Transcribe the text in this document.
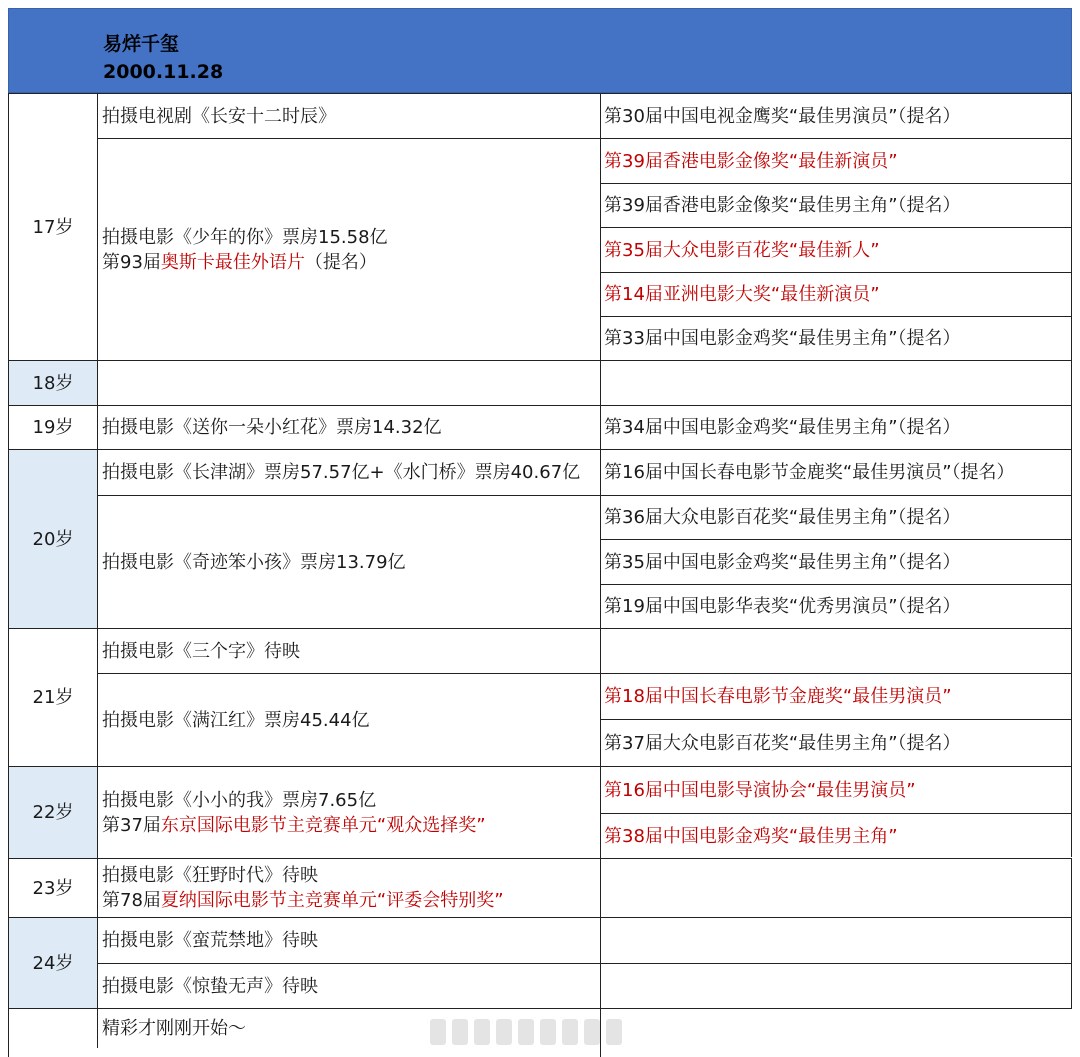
易烊千玺
2000.11.28
17岁
拍摄电视剧《长安十二时辰》
拍摄电影《少年的你》票房15.58亿
第93届奥斯卡最佳外语片（提名）
第30届中国电视金鹰奖“最佳男演员”（提名）
第39届香港电影金像奖“最佳新演员”
第39届香港电影金像奖“最佳男主角”（提名）
第35届大众电影百花奖“最佳新人”
第14届亚洲电影大奖“最佳新演员”
第33届中国电影金鸡奖“最佳男主角”（提名）
18岁
19岁	拍摄电影《送你一朵小红花》票房14.32亿	第34届中国电影金鸡奖“最佳男主角”（提名）
20岁
拍摄电影《长津湖》票房57.57亿+《水门桥》票房40.67亿
拍摄电影《奇迹笨小孩》票房13.79亿
第16届中国长春电影节金鹿奖“最佳男演员”（提名）
第36届大众电影百花奖“最佳男主角”（提名）
第35届中国电影金鸡奖“最佳男主角”（提名）
第19届中国电影华表奖“优秀男演员”（提名）
21岁
拍摄电影《三个字》待映
拍摄电影《满江红》票房45.44亿
第18届中国长春电影节金鹿奖“最佳男演员”
第37届大众电影百花奖“最佳男主角”（提名）
22岁
拍摄电影《小小的我》票房7.65亿
第37届东京国际电影节主竞赛单元“观众选择奖”
第16届中国电影导演协会“最佳男演员”
第38届中国电影金鸡奖“最佳男主角”
23岁
拍摄电影《狂野时代》待映
第78届夏纳国际电影节主竞赛单元“评委会特别奖”
24岁
拍摄电影《蛮荒禁地》待映
拍摄电影《惊蛰无声》待映
精彩才刚刚开始～
